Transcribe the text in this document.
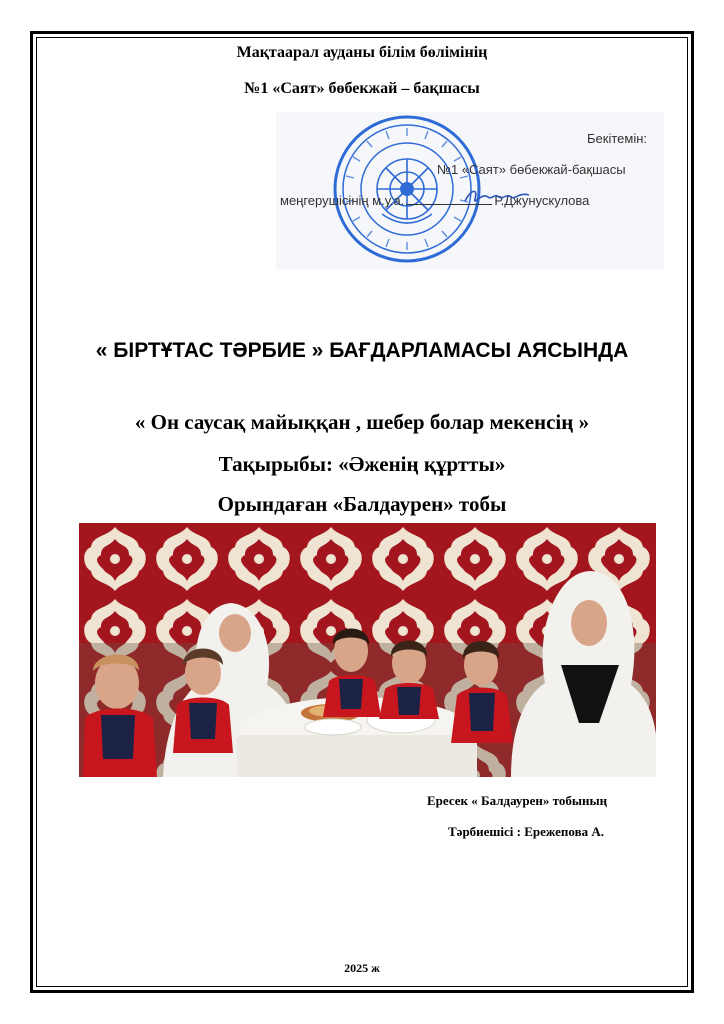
Мақтаарал ауданы білім бөлімінің
№1 «Саят» бөбекжай – бақшасы
Бекітемін:
№1 «Саят» бөбекжай-бақшасы
меңгерушісінің м.у.а.	Р.Джунускулова
« БІРТҰТАС ТӘРБИЕ » БАҒДАРЛАМАСЫ АЯСЫНДА
« Он саусақ майыққан , шебер болар мекенсің »
Тақырыбы: «Әженің құртты»
Орындаған «Балдаурен» тобы
Ересек « Балдаурен» тобының
Тәрбиешісі : Ережепова А.
2025 ж
